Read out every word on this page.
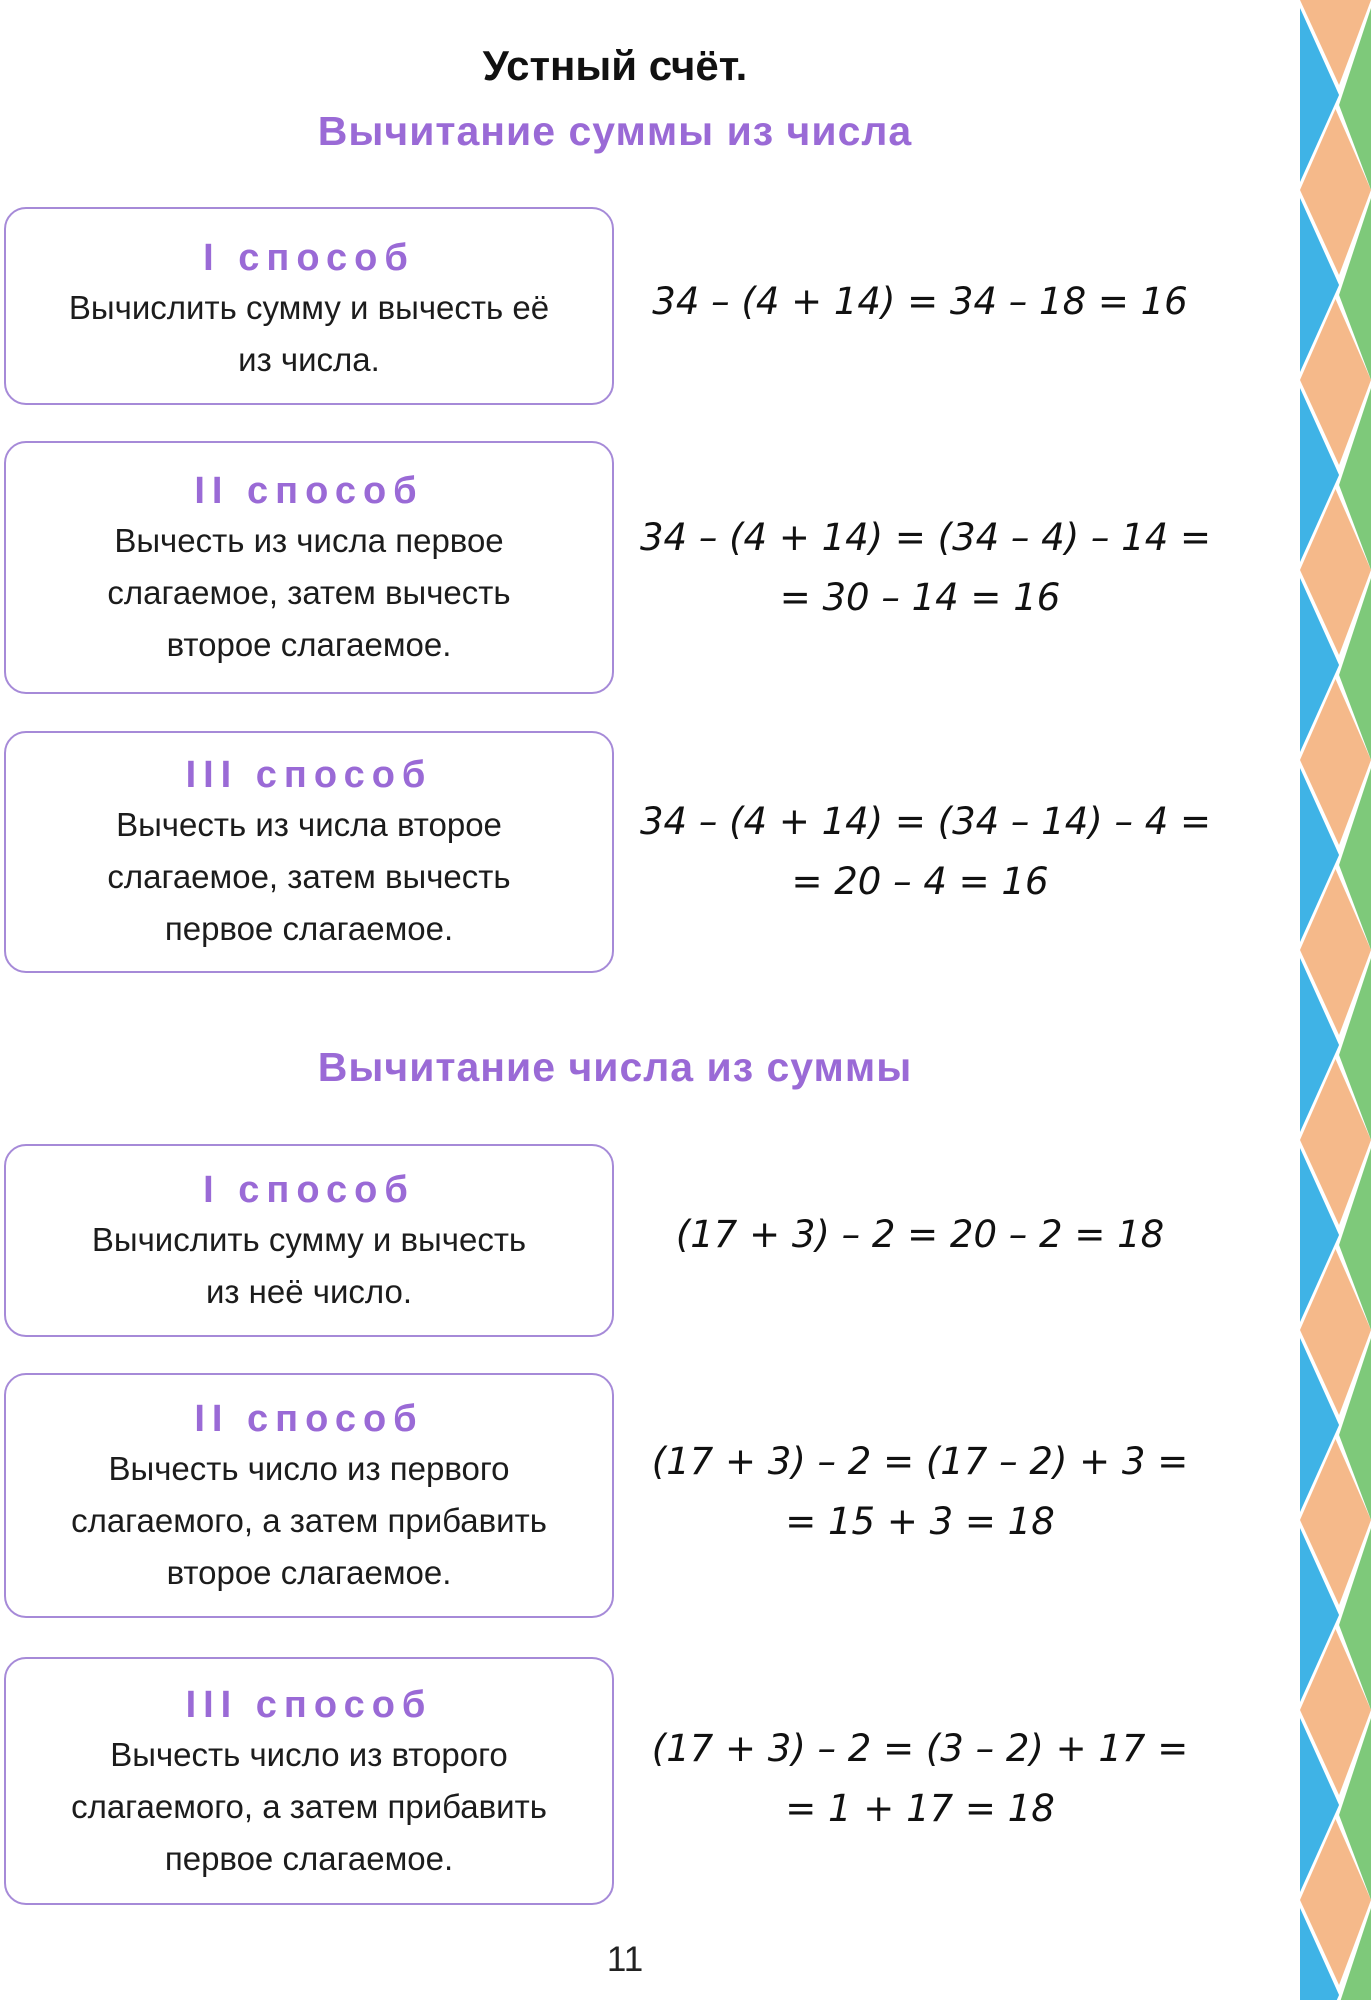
Устный счёт.
Вычитание суммы из числа
I способ
Вычислить сумму и вычесть её
из числа.
34 – (4 + 14) = 34 – 18 = 16
II способ
Вычесть из числа первое
слагаемое, затем вычесть
второе слагаемое.
34 – (4 + 14) = (34 – 4) – 14 =
= 30 – 14 = 16
III способ
Вычесть из числа второе
слагаемое, затем вычесть
первое слагаемое.
34 – (4 + 14) = (34 – 14) – 4 =
= 20 – 4 = 16
Вычитание числа из суммы
I способ
Вычислить сумму и вычесть
из неё число.
(17 + 3) – 2 = 20 – 2 = 18
II способ
Вычесть число из первого
слагаемого, а затем прибавить
второе слагаемое.
(17 + 3) – 2 = (17 – 2) + 3 =
= 15 + 3 = 18
III способ
Вычесть число из второго
слагаемого, а затем прибавить
первое слагаемое.
(17 + 3) – 2 = (3 – 2) + 17 =
= 1 + 17 = 18
11
